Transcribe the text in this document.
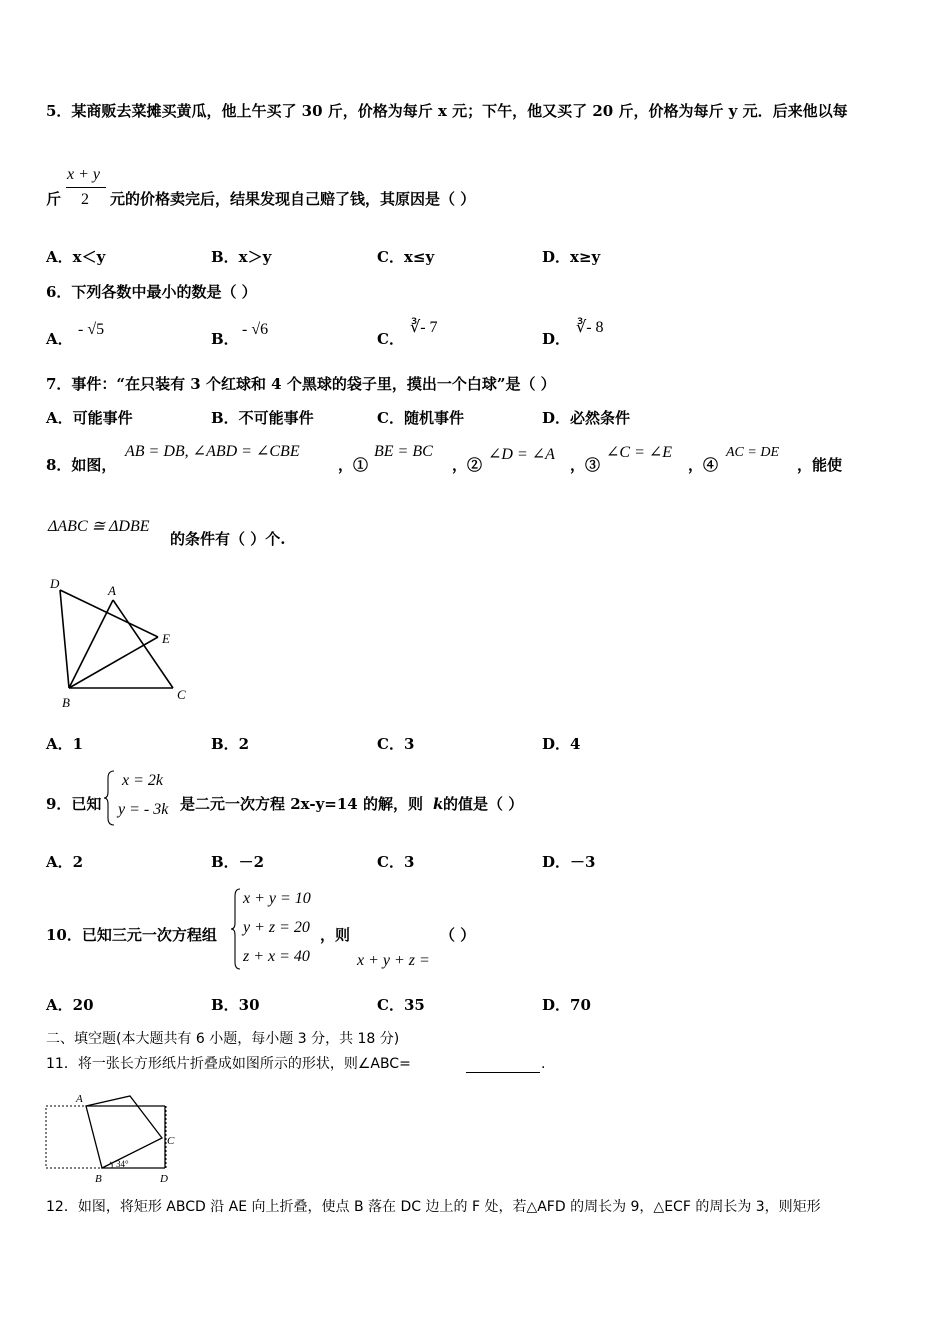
5．某商贩去菜摊买黄瓜，他上午买了 30 斤，价格为每斤 x 元；下午，他又买了 20 斤，价格为每斤 y 元．后来他以每
斤
x + y
2 元的价格卖完后，结果发现自己赔了钱，其原因是（ ）
A．x＜y	B．x＞y	C．x≤y	D．x≥y
6．下列各数中最小的数是（ ）
A．
- √5
B．
- √6
C．
∛- 7
D．
∛- 8
7．事件：“在只装有 3 个红球和 4 个黑球的袋子里，摸出一个白球”是（ ）
A．可能事件	B．不可能事件	C．随机事件	D．必然条件
8．如图，
AB = DB, ∠ABD = ∠CBE
，①
BE = BC
，②
∠D = ∠A
，③
∠C = ∠E
，④
AC = DE
，能使
ΔABC ≅ ΔDBE
的条件有（ ）个.
D	A
E
B
C
A．1	B．2	C．3	D．4
9．已知
x = 2k
y = - 3k 是二元一次方程 2x-y=14 的解，则 k 的值是（ ）
A．2	B．－2	C．3	D．－3
10．已知三元一次方程组
x + y = 10
y + z = 20
z + x = 40
，则
x + y + z =
（ ）
A．20	B．30	C．35	D．70
二、填空题(本大题共有 6 小题，每小题 3 分，共 18 分)
11．将一张长方形纸片折叠成如图所示的形状，则∠ABC=	.
A
C
B	D
34°
12．如图，将矩形 ABCD 沿 AE 向上折叠，使点 B 落在 DC 边上的 F 处，若△AFD 的周长为 9，△ECF 的周长为 3，则矩形
